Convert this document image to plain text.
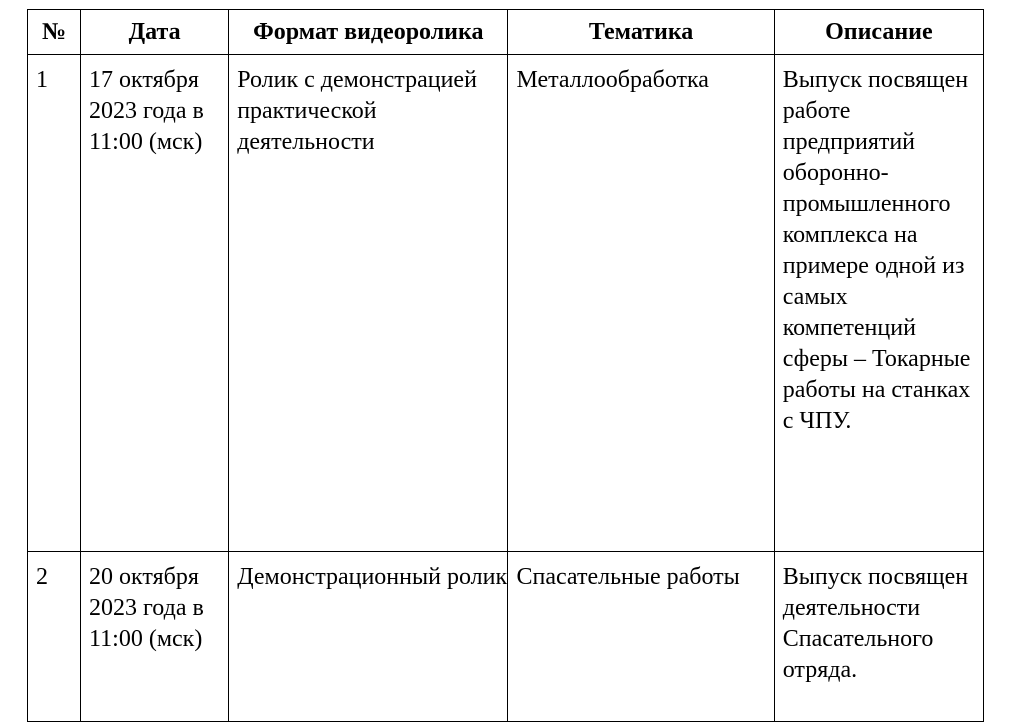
№	Дата	Формат видеоролика	Тематика	Описание

1	17 октября 2023 года в 11:00 (мск)	Ролик с демонстрацией практической деятельности	Металлообработка	Выпуск посвящен работе предприятий оборонно-промышленного комплекса на примере одной из самых компетенций сферы – Токарные работы на станках с ЧПУ.

2	20 октября 2023 года в 11:00 (мск)	Демонстрационный ролик	Спасательные работы	Выпуск посвящен деятельности Спасательного отряда.
